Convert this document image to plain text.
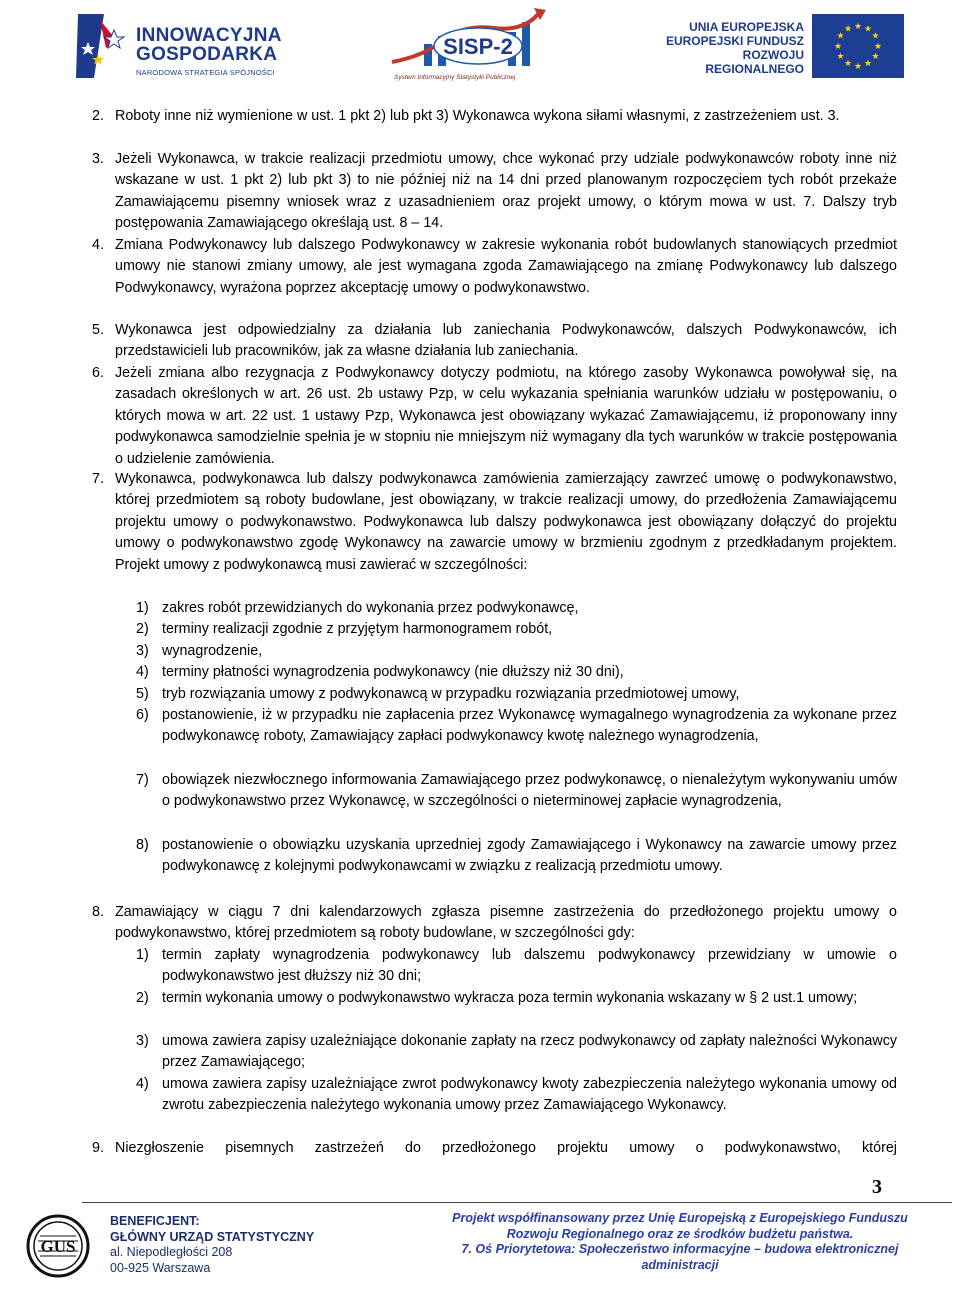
INNOWACYJNA
GOSPODARKA
NARODOWA STRATEGIA SPÓJNOŚCI
SISP-2
System Informacyjny Statystyki Publicznej
UNIA EUROPEJSKA
EUROPEJSKI FUNDUSZ
ROZWOJU REGIONALNEGO
★ ★
★
★
★
★
★
★
★
★
★
★
2. Roboty inne niż wymienione w ust. 1 pkt 2) lub pkt 3) Wykonawca wykona siłami własnymi, z zastrzeżeniem ust. 3.
3. Jeżeli Wykonawca, w trakcie realizacji przedmiotu umowy, chce wykonać przy udziale podwykonawców roboty inne niż wskazane w ust. 1 pkt 2) lub pkt 3) to nie później niż na 14 dni przed planowanym rozpoczęciem tych robót przekaże Zamawiającemu pisemny wniosek wraz z uzasadnieniem oraz projekt umowy, o którym mowa w ust. 7. Dalszy tryb postępowania Zamawiającego określają ust. 8 – 14.
4. Zmiana Podwykonawcy lub dalszego Podwykonawcy w zakresie wykonania robót budowlanych stanowiących przedmiot umowy nie stanowi zmiany umowy, ale jest wymagana zgoda Zamawiającego na zmianę Podwykonawcy lub dalszego Podwykonawcy, wyrażona poprzez akceptację umowy o podwykonawstwo.
5. Wykonawca jest odpowiedzialny za działania lub zaniechania Podwykonawców, dalszych Podwykonawców, ich przedstawicieli lub pracowników, jak za własne działania lub zaniechania.
6. Jeżeli zmiana albo rezygnacja z Podwykonawcy dotyczy podmiotu, na którego zasoby Wykonawca powoływał się, na zasadach określonych w art. 26 ust. 2b ustawy Pzp, w celu wykazania spełniania warunków udziału w postępowaniu, o których mowa w art. 22 ust. 1 ustawy Pzp, Wykonawca jest obowiązany wykazać Zamawiającemu, iż proponowany inny podwykonawca samodzielnie spełnia je w stopniu nie mniejszym niż wymagany dla tych warunków w trakcie postępowania o udzielenie zamówienia.
7. Wykonawca, podwykonawca lub dalszy podwykonawca zamówienia zamierzający zawrzeć umowę o podwykonawstwo, której przedmiotem są roboty budowlane, jest obowiązany, w trakcie realizacji umowy, do przedłożenia Zamawiającemu projektu umowy o podwykonawstwo. Podwykonawca lub dalszy podwykonawca jest obowiązany dołączyć do projektu umowy o podwykonawstwo zgodę Wykonawcy na zawarcie umowy w brzmieniu zgodnym z przedkładanym projektem. Projekt umowy z podwykonawcą musi zawierać w szczególności:
1) zakres robót przewidzianych do wykonania przez podwykonawcę,
2) terminy realizacji zgodnie z przyjętym harmonogramem robót,
3) wynagrodzenie,
4) terminy płatności wynagrodzenia podwykonawcy (nie dłuższy niż 30 dni),
5) tryb rozwiązania umowy z podwykonawcą w przypadku rozwiązania przedmiotowej umowy,
6) postanowienie, iż w przypadku nie zapłacenia przez Wykonawcę wymagalnego wynagrodzenia za wykonane przez podwykonawcę roboty, Zamawiający zapłaci podwykonawcy kwotę należnego wynagrodzenia,
7) obowiązek niezwłocznego informowania Zamawiającego przez podwykonawcę, o nienależytym wykonywaniu umów o podwykonawstwo przez Wykonawcę, w szczególności o nieterminowej zapłacie wynagrodzenia,
8) postanowienie o obowiązku uzyskania uprzedniej zgody Zamawiającego i Wykonawcy na zawarcie umowy przez podwykonawcę z kolejnymi podwykonawcami w związku z realizacją przedmiotu umowy.
8. Zamawiający w ciągu 7 dni kalendarzowych zgłasza pisemne zastrzeżenia do przedłożonego projektu umowy o podwykonawstwo, której przedmiotem są roboty budowlane, w szczególności gdy:
1) termin zapłaty wynagrodzenia podwykonawcy lub dalszemu podwykonawcy przewidziany w umowie o podwykonawstwo jest dłuższy niż 30 dni;
2) termin wykonania umowy o podwykonawstwo wykracza poza termin wykonania wskazany w § 2 ust.1 umowy;
3) umowa zawiera zapisy uzależniające dokonanie zapłaty na rzecz podwykonawcy od zapłaty należności Wykonawcy przez Zamawiającego;
4) umowa zawiera zapisy uzależniające zwrot podwykonawcy kwoty zabezpieczenia należytego wykonania umowy od zwrotu zabezpieczenia należytego wykonania umowy przez Zamawiającego Wykonawcy.
9. Niezgłoszenie pisemnych zastrzeżeń do przedłożonego projektu umowy o podwykonawstwo, której
3
GUS
BENEFICJENT:
GŁÓWNY URZĄD STATYSTYCZNY
al. Niepodległości 208
00-925 Warszawa
Projekt współfinansowany przez Unię Europejską z Europejskiego Funduszu
Rozwoju Regionalnego oraz ze środków budżetu państwa.
7. Oś Priorytetowa: Społeczeństwo informacyjne – budowa elektronicznej
administracji
